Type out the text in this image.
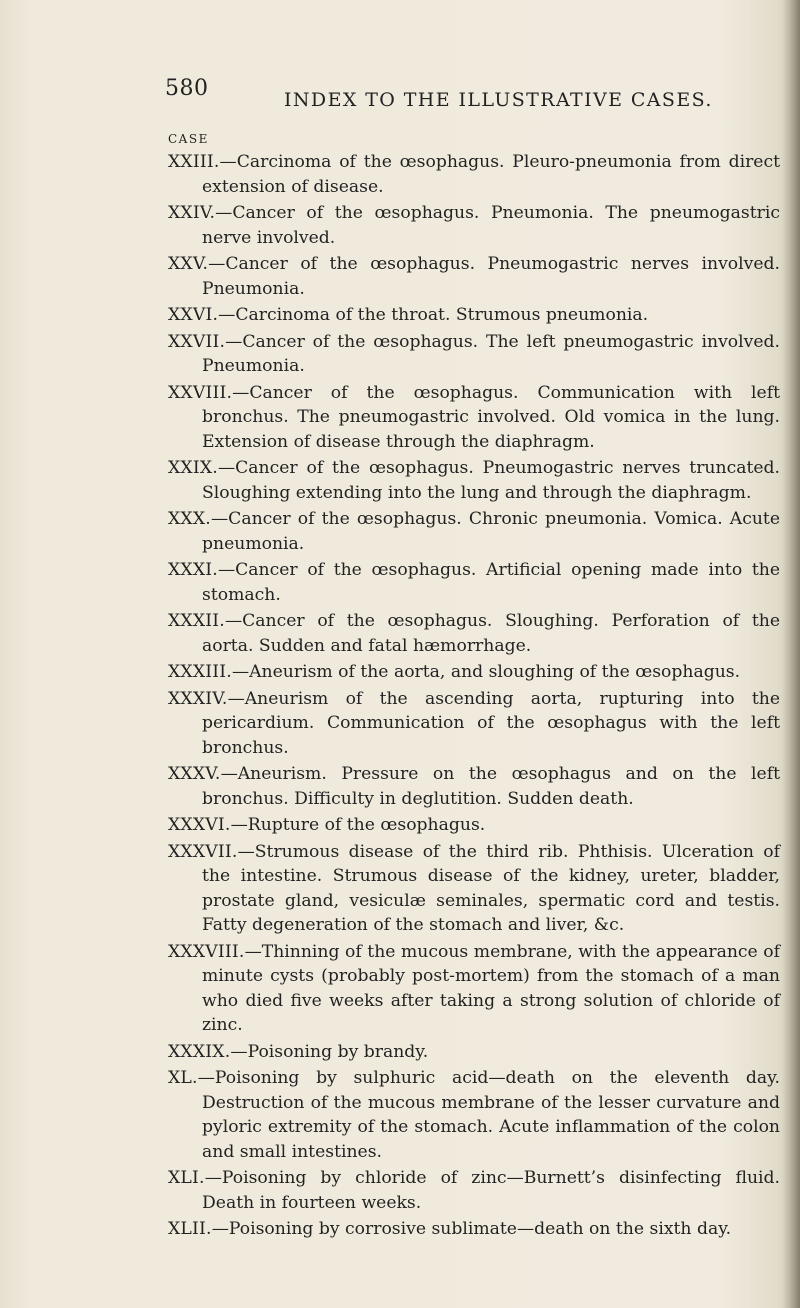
580	INDEX TO THE ILLUSTRATIVE CASES.
CASE
XXIII.—Carcinoma of the œsophagus. Pleuro-pneumonia from direct extension of disease.
XXIV.—Cancer of the œsophagus. Pneumonia. The pneumogastric nerve involved.
XXV.—Cancer of the œsophagus. Pneumogastric nerves involved. Pneumonia.
XXVI.—Carcinoma of the throat. Strumous pneumonia.
XXVII.—Cancer of the œsophagus. The left pneumogastric involved. Pneumonia.
XXVIII.—Cancer of the œsophagus. Communication with left bronchus. The pneumogastric involved. Old vomica in the lung. Extension of disease through the diaphragm.
XXIX.—Cancer of the œsophagus. Pneumogastric nerves truncated. Sloughing extending into the lung and through the diaphragm.
XXX.—Cancer of the œsophagus. Chronic pneumonia. Vomica. Acute pneumonia.
XXXI.—Cancer of the œsophagus. Artificial opening made into the stomach.
XXXII.—Cancer of the œsophagus. Sloughing. Perforation of the aorta. Sudden and fatal hæmorrhage.
XXXIII.—Aneurism of the aorta, and sloughing of the œsophagus.
XXXIV.—Aneurism of the ascending aorta, rupturing into the pericardium. Communication of the œsophagus with the left bronchus.
XXXV.—Aneurism. Pressure on the œsophagus and on the left bronchus. Difficulty in deglutition. Sudden death.
XXXVI.—Rupture of the œsophagus.
XXXVII.—Strumous disease of the third rib. Phthisis. Ulceration of the intestine. Strumous disease of the kidney, ureter, bladder, prostate gland, vesiculæ seminales, spermatic cord and testis. Fatty degeneration of the stomach and liver, &c.
XXXVIII.—Thinning of the mucous membrane, with the appearance of minute cysts (probably post-mortem) from the stomach of a man who died five weeks after taking a strong solution of chloride of zinc.
XXXIX.—Poisoning by brandy.
XL.—Poisoning by sulphuric acid—death on the eleventh day. Destruction of the mucous membrane of the lesser curvature and pyloric extremity of the stomach. Acute inflammation of the colon and small intestines.
XLI.—Poisoning by chloride of zinc—Burnett’s disinfecting fluid. Death in fourteen weeks.
XLII.—Poisoning by corrosive sublimate—death on the sixth day.
